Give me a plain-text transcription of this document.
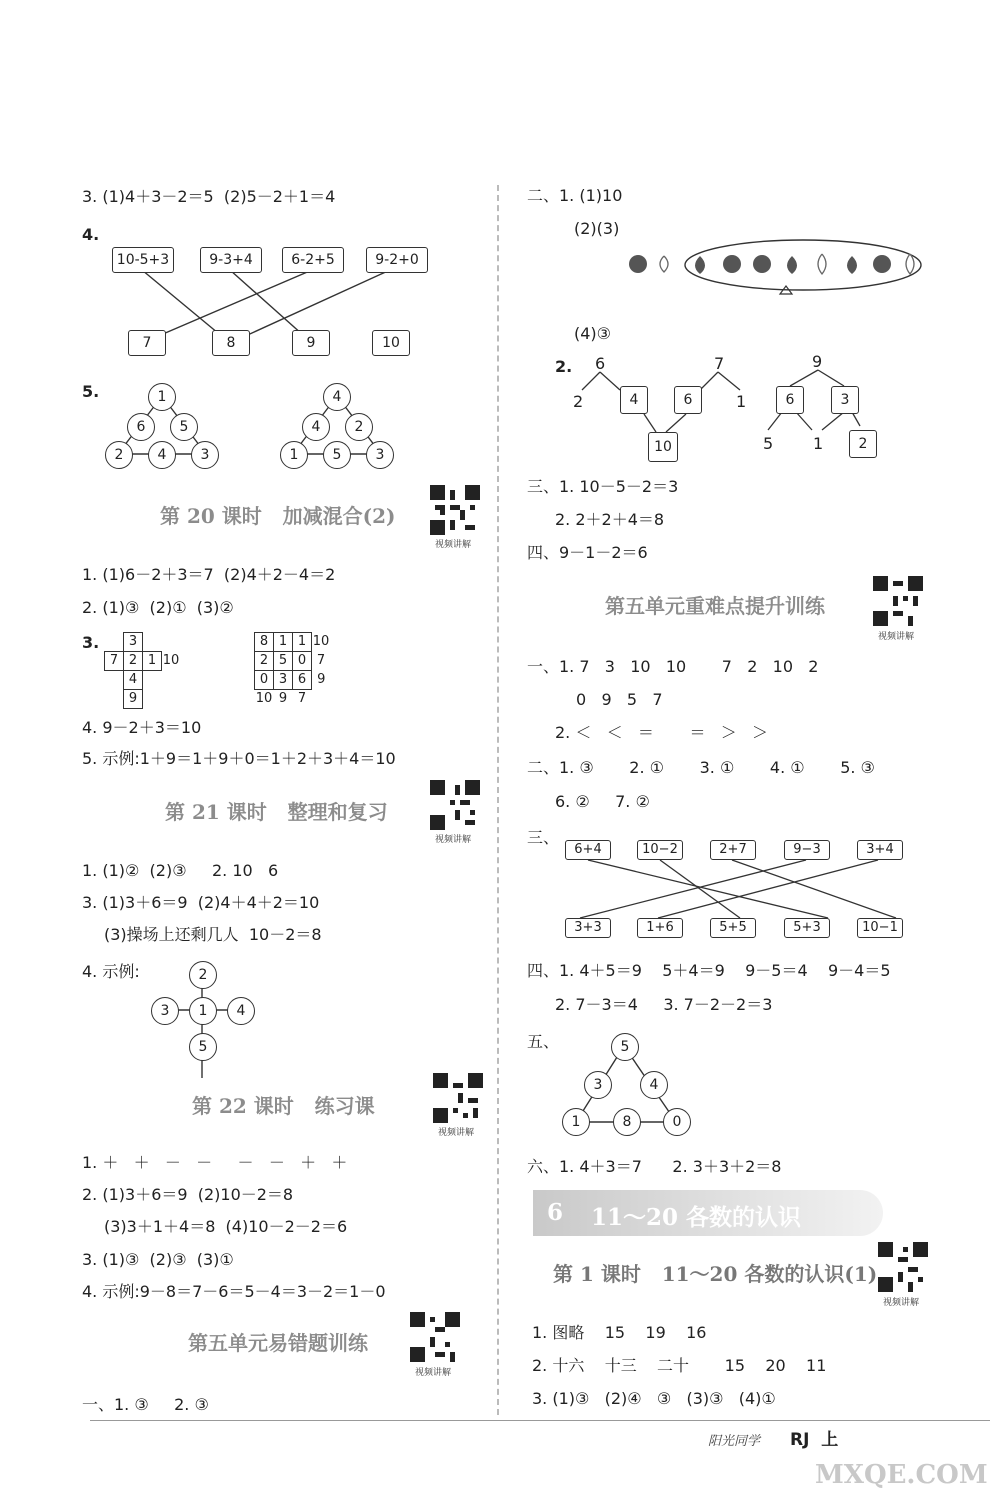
3. (1)4＋3－2＝5  (2)5－2＋1＝4
4.
10-5+3	9-3+4	6-2+5	9-2+0
7	8	9	10
5.	1
6	5
2	4	3
4
4	2
1	5	3
第 20 课时   加减混合(2)
视频讲解
1. (1)6－2＋3＝7  (2)4＋2－4＝2
2. (1)③  (2)①  (3)②
3.
	3		
7	2	1	10
	4		
	9		
8	1	1	10
2	5	0	7
0	3	6	9
10	9	7	
4. 9－2＋3＝10
5. 示例:1＋9＝1＋9＋0＝1＋2＋3＋4＝10
第 21 课时   整理和复习
视频讲解
1. (1)②  (2)③     2. 10   6
3. (1)3＋6＝9  (2)4＋4＋2＝10
(3)操场上还剩几人  10－2＝8
4. 示例:	2
3	1	4
5
第 22 课时   练习课
视频讲解
1. ＋   ＋   －   －     －   －   ＋   ＋
2. (1)3＋6＝9  (2)10－2＝8
(3)3＋1＋4＝8  (4)10－2－2＝6
3. (1)③  (2)③  (3)①
4. 示例:9－8＝7－6＝5－4＝3－2＝1－0
第五单元易错题训练
视频讲解
一、1. ③     2. ③
二、1. (1)10
(2)(3)
(4)③
2. 6
2	4
7
6	1
10
9
6	3
5 1	2
三、1. 10－5－2＝3
2. 2＋2＋4＝8
四、9－1－2＝6
第五单元重难点提升训练
视频讲解
一、1. 7   3   10   10       7   2   10   2
0   9   5   7
2. ＜   ＜   ＝       ＝   ＞   ＞
二、1. ③       2. ①       3. ①       4. ①       5. ③
6. ②     7. ②
三、
6+4	10−2	2+7	9−3	3+4
3+3	1+6	5+5	5+3	10−1
四、1. 4＋5＝9    5＋4＝9    9－5＝4    9－4＝5
2. 7－3＝4     3. 7－2－2＝3
五、	5
3	4
1	8	0
六、1. 4＋3＝7      2. 3＋3＋2＝8
6 11～20 各数的认识
第 1 课时   11～20 各数的认识(1)
视频讲解
1. 图略    15    19    16
2. 十六    十三    二十       15    20    11
3. (1)③   (2)④   ③   (3)③   (4)①
阳光同学 RJ  上
MXQE.COM
